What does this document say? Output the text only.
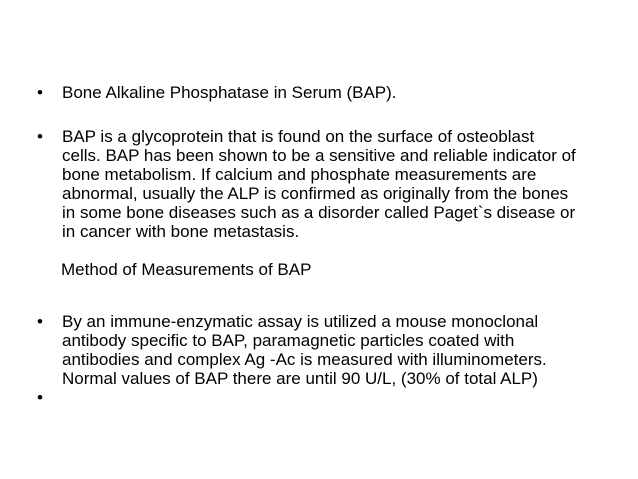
•	Bone Alkaline Phosphatase in Serum (BAP).
•	BAP is a glycoprotein that is found on the surface of osteoblast
cells. BAP has been shown to be a sensitive and reliable indicator of
bone metabolism. If calcium and phosphate measurements are
abnormal, usually the ALP is confirmed as originally from the bones
in some bone diseases such as a disorder called Paget`s disease or
in cancer with bone metastasis.
Method of Measurements of BAP
•	By an immune-enzymatic assay is utilized a mouse monoclonal
antibody specific to BAP, paramagnetic particles coated with
antibodies and complex Ag -Ac is measured with illuminometers.
Normal values of BAP there are until 90 U/L, (30% of total ALP)
•
